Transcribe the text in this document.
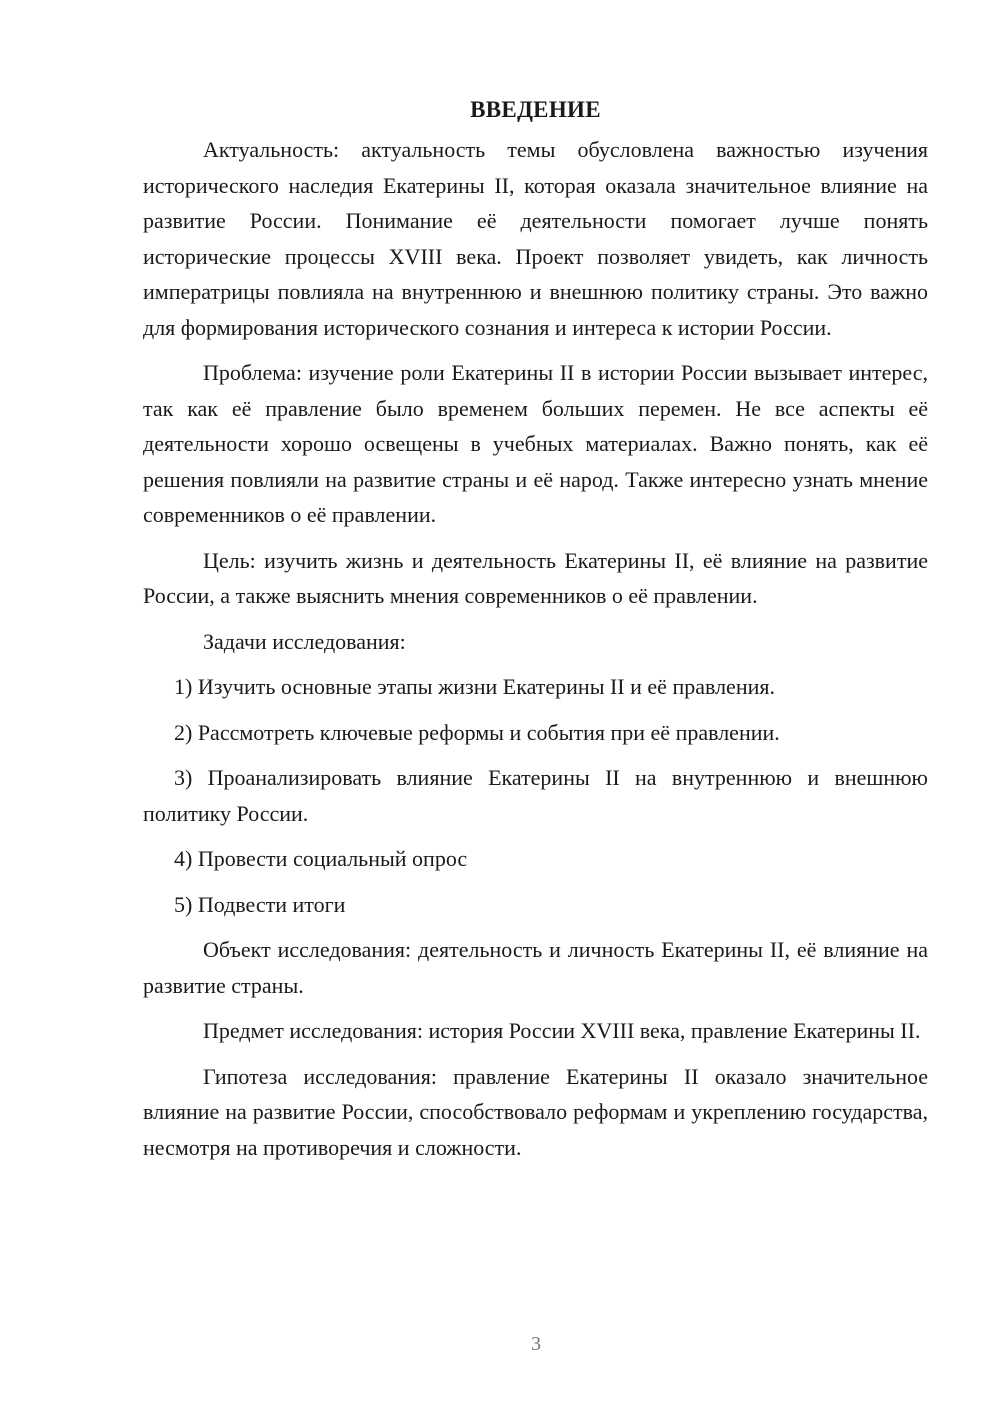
ВВЕДЕНИЕ

Актуальность: актуальность темы обусловлена важностью изучения исторического наследия Екатерины II, которая оказала значительное влияние на развитие России. Понимание её деятельности помогает лучше понять исторические процессы XVIII века. Проект позволяет увидеть, как личность императрицы повлияла на внутреннюю и внешнюю политику страны. Это важно для формирования исторического сознания и интереса к истории России.

Проблема: изучение роли Екатерины II в истории России вызывает интерес, так как её правление было временем больших перемен. Не все аспекты её деятельности хорошо освещены в учебных материалах. Важно понять, как её решения повлияли на развитие страны и её народ. Также интересно узнать мнение современников о её правлении.

Цель: изучить жизнь и деятельность Екатерины II, её влияние на развитие России, а также выяснить мнения современников о её правлении.

Задачи исследования:

1) Изучить основные этапы жизни Екатерины II и её правления.

2) Рассмотреть ключевые реформы и события при её правлении.

3) Проанализировать влияние Екатерины II на внутреннюю и внешнюю политику России.

4) Провести социальный опрос

5) Подвести итоги

Объект исследования: деятельность и личность Екатерины II, её влияние на развитие страны.

Предмет исследования: история России XVIII века, правление Екатерины II.

Гипотеза исследования: правление Екатерины II оказало значительное влияние на развитие России, способствовало реформам и укреплению государства, несмотря на противоречия и сложности.

3
